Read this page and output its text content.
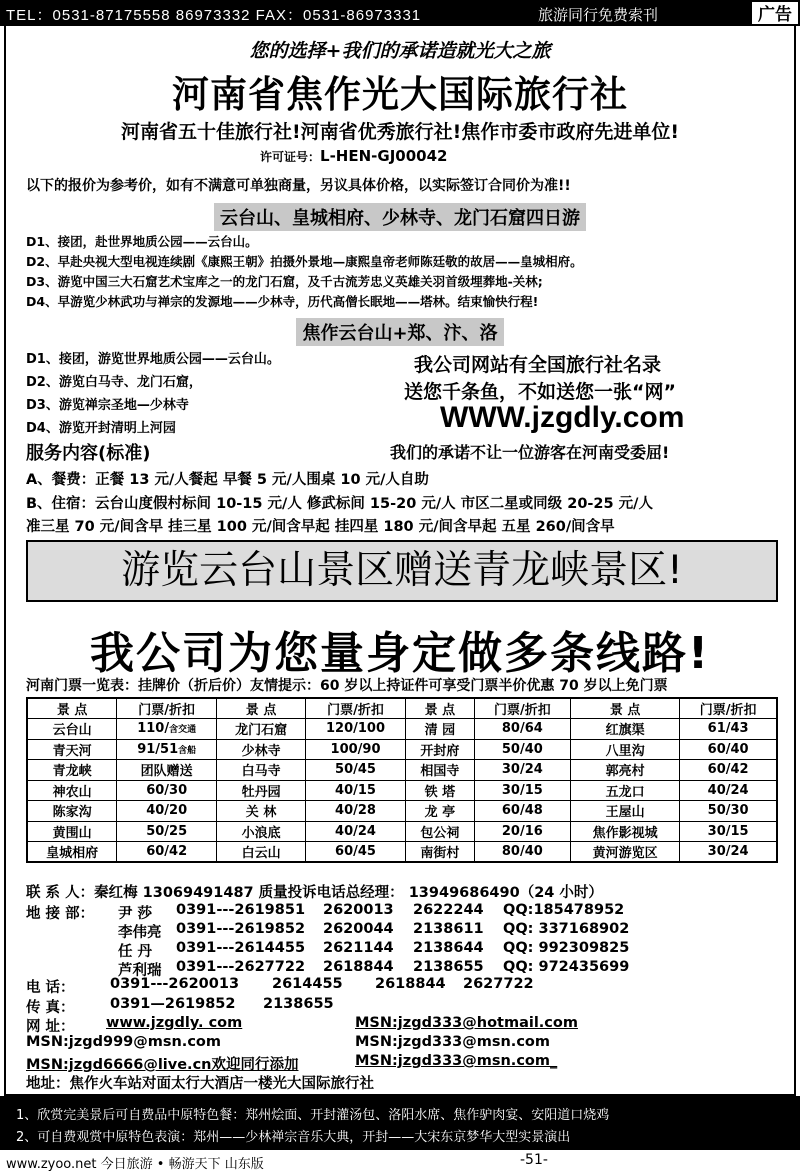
TEL：0531-87175558 86973332 FAX：0531-86973331	旅游同行免费索刊	广告
您的选择+我们的承诺造就光大之旅
河南省焦作光大国际旅行社
河南省五十佳旅行社!河南省优秀旅行社!焦作市委市政府先进单位!
许可证号：L-HEN-GJ00042
以下的报价为参考价，如有不满意可单独商量，另议具体价格，以实际签订合同价为准!!
云台山、皇城相府、少林寺、龙门石窟四日游
D1、接团，赴世界地质公园——云台山。
D2、早赴央视大型电视连续剧《康熙王朝》拍摄外景地—康熙皇帝老师陈廷敬的故居——皇城相府。
D3、游览中国三大石窟艺术宝库之一的龙门石窟，及千古流芳忠义英雄关羽首级埋葬地-关林;
D4、早游览少林武功与禅宗的发源地——少林寺，历代高僧长眠地——塔林。结束愉快行程!
焦作云台山+郑、汴、洛
D1、接团，游览世界地质公园——云台山。
D2、游览白马寺、龙门石窟，
D3、游览禅宗圣地—少林寺
D4、游览开封清明上河园
我公司网站有全国旅行社名录
送您千条鱼，不如送您一张“网”
WWW.jzgdly.com
服务内容(标准)	我们的承诺不让一位游客在河南受委屈!
A、餐费：正餐 13 元/人餐起 早餐 5 元/人围桌 10 元/人自助
B、住宿：云台山度假村标间 10-15 元/人 修武标间 15-20 元/人 市区二星或同级 20-25 元/人
准三星 70 元/间含早 挂三星 100 元/间含早起 挂四星 180 元/间含早起 五星 260/间含早
游览云台山景区赠送青龙峡景区!
我公司为您量身定做多条线路!
河南门票一览表：挂牌价（折后价）友情提示：60 岁以上持证件可享受门票半价优惠 70 岁以上免门票
景 点	门票/折扣	景 点	门票/折扣	景 点	门票/折扣	景 点	门票/折扣
云台山	110/含交通	龙门石窟	120/100	清 园	80/64	红旗渠	61/43
青天河	91/51含船	少林寺	100/90	开封府	50/40	八里沟	60/40
青龙峡	团队赠送	白马寺	50/45	相国寺	30/24	郭亮村	60/42
神农山	60/30	牡丹园	40/15	铁 塔	30/15	五龙口	40/24
陈家沟	40/20	关 林	40/28	龙 亭	60/48	王屋山	50/30
黄围山	50/25	小浪底	40/24	包公祠	20/16	焦作影视城	30/15
皇城相府	60/42	白云山	60/45	南街村	80/40	黄河游览区	30/24
联 系 人：秦红梅 13069491487 质量投诉电话总经理： 13949686490（24 小时）
地 接 部： 尹 莎 0391---2619851 2620013 2622244 QQ:185478952
李伟亮 0391---2619852 2620044 2138611 QQ: 337168902
任 丹 0391---2614455 2621144 2138644 QQ: 992309825
芦利瑞 0391---2627722 2618844 2138655 QQ: 972435699
电 话： 0391---2620013 2614455 2618844 2627722
传 真： 0391—2619852 2138655
网 址： www.jzgdly. com	MSN:jzgd333@hotmail.com
MSN:jzgd999@msn.com	MSN:jzgd333@msn.com
MSN:jzgd6666@live.cn欢迎同行添加	MSN:jzgd333@msn.com_
地址：焦作火车站对面太行大酒店一楼光大国际旅行社
1、欣赏完美景后可自费品中原特色餐：郑州烩面、开封灌汤包、洛阳水席、焦作驴肉宴、安阳道口烧鸡
2、可自费观赏中原特色表演：郑州——少林禅宗音乐大典，开封——大宋东京梦华大型实景演出
www.zyoo.net 今日旅游 • 畅游天下 山东版	-51-
